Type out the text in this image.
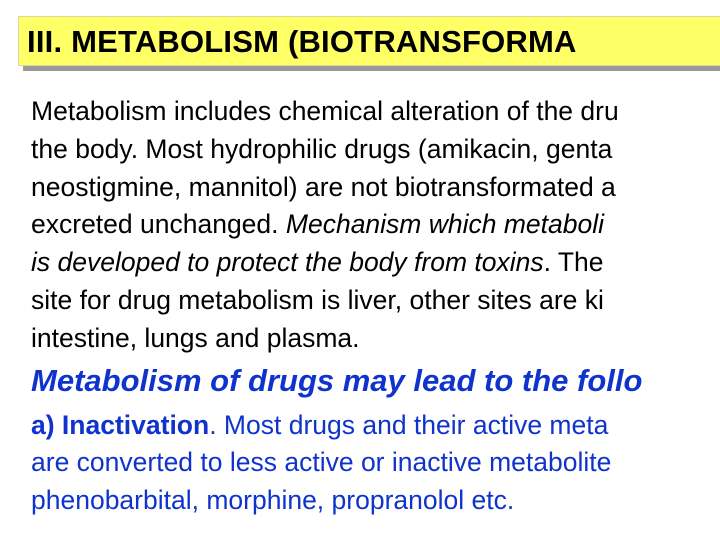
III. METABOLISM (BIOTRANSFORMA
Metabolism includes chemical alteration of the dru
the body. Most hydrophilic drugs (amikacin, genta
neostigmine, mannitol) are not biotransformated a
excreted unchanged. Mechanism which metaboli
is developed to protect the body from toxins. The
site for drug metabolism is liver, other sites are ki
intestine, lungs and plasma.
Metabolism of drugs may lead to the follo
a) Inactivation. Most drugs and their active meta
are converted to less active or inactive metabolite
phenobarbital, morphine, propranolol etc.
